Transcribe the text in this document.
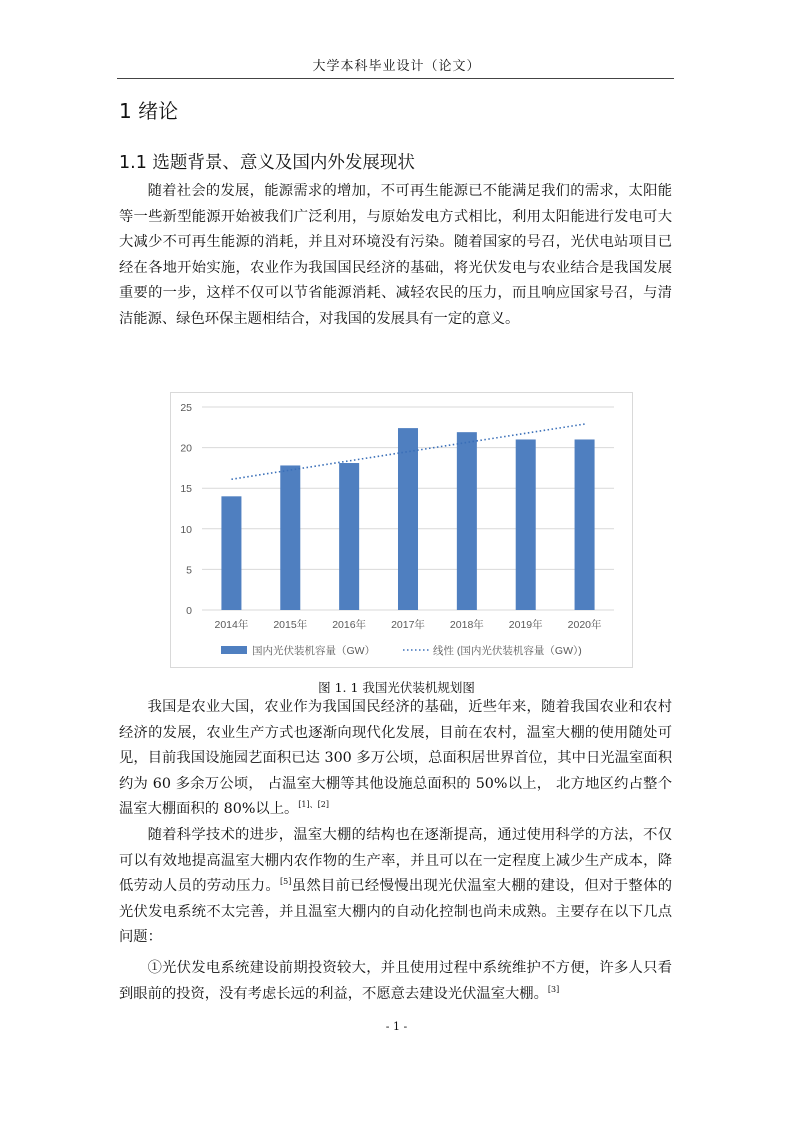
大学本科毕业设计（论文）
1 绪论
1.1 选题背景、意义及国内外发展现状

随着社会的发展，能源需求的增加，不可再生能源已不能满足我们的需求，太阳能等一些新型能源开始被我们广泛利用，与原始发电方式相比，利用太阳能进行发电可大大减少不可再生能源的消耗，并且对环境没有污染。随着国家的号召，光伏电站项目已经在各地开始实施，农业作为我国国民经济的基础，将光伏发电与农业结合是我国发展重要的一步，这样不仅可以节省能源消耗、减轻农民的压力，而且响应国家号召，与清洁能源、绿色环保主题相结合，对我国的发展具有一定的意义。

0
5
10
15
20
25
2014年 2015年 2016年 2017年 2018年 2019年 2020年
国内光伏装机容量（GW）	线性 (国内光伏装机容量（GW）)
图 1. 1 我国光伏装机规划图

我国是农业大国，农业作为我国国民经济的基础，近些年来，随着我国农业和农村经济的发展，农业生产方式也逐渐向现代化发展，目前在农村，温室大棚的使用随处可见，目前我国设施园艺面积已达 300 多万公顷，总面积居世界首位，其中日光温室面积约为 60 多余万公顷， 占温室大棚等其他设施总面积的 50%以上， 北方地区约占整个温室大棚面积的 80%以上。[1]、[2]

随着科学技术的进步，温室大棚的结构也在逐渐提高，通过使用科学的方法，不仅可以有效地提高温室大棚内农作物的生产率，并且可以在一定程度上减少生产成本，降低劳动人员的劳动压力。[5]虽然目前已经慢慢出现光伏温室大棚的建设，但对于整体的光伏发电系统不太完善，并且温室大棚内的自动化控制也尚未成熟。主要存在以下几点问题：

①光伏发电系统建设前期投资较大，并且使用过程中系统维护不方便，许多人只看到眼前的投资，没有考虑长远的利益，不愿意去建设光伏温室大棚。[3]

- 1 -
